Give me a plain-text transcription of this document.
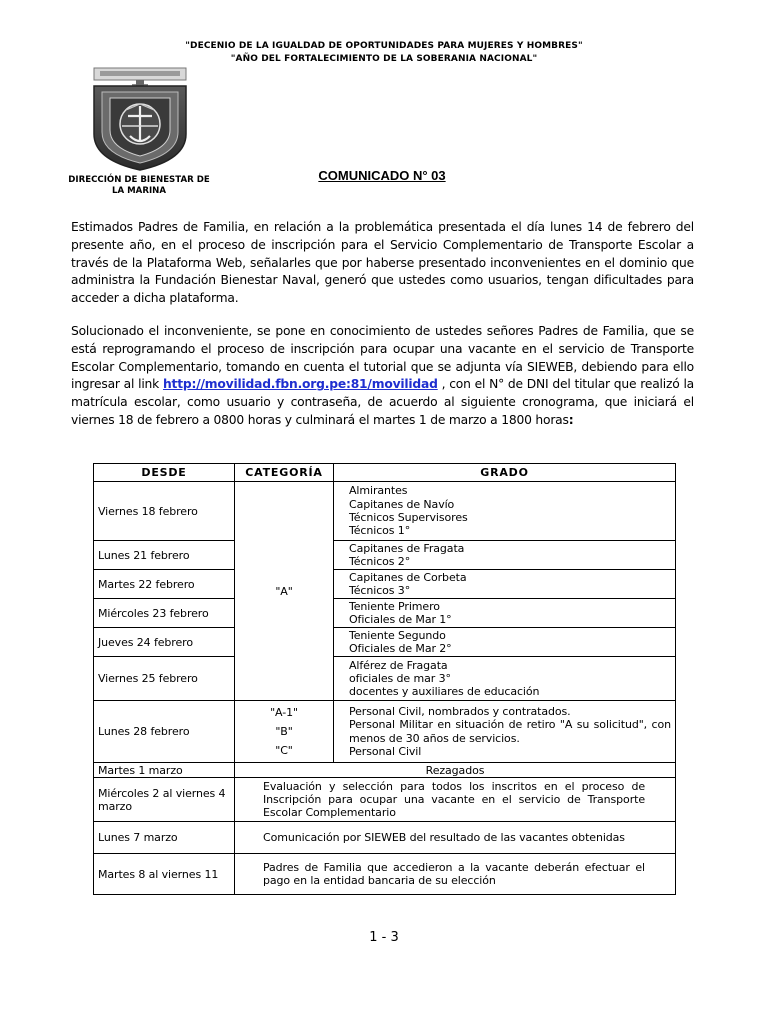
"DECENIO DE LA IGUALDAD DE OPORTUNIDADES PARA MUJERES Y HOMBRES"
"AÑO DEL FORTALECIMIENTO DE LA SOBERANIA NACIONAL"
DIRECCIÓN DE BIENESTAR DE
LA MARINA
COMUNICADO N° 03
Estimados Padres de Familia, en relación a la problemática presentada el día lunes 14 de febrero del presente año, en el proceso de inscripción para el Servicio Complementario de Transporte Escolar a través de la Plataforma Web, señalarles que por haberse presentado inconvenientes en el dominio que administra la Fundación Bienestar Naval, generó que ustedes como usuarios, tengan dificultades para acceder a dicha plataforma.
Solucionado el inconveniente, se pone en conocimiento de ustedes señores Padres de Familia, que se está reprogramando el proceso de inscripción para ocupar una vacante en el servicio de Transporte Escolar Complementario, tomando en cuenta el tutorial que se adjunta vía SIEWEB, debiendo para ello ingresar al link http://movilidad.fbn.org.pe:81/movilidad , con el N° de DNI del titular que realizó la matrícula escolar, como usuario y contraseña, de acuerdo al siguiente cronograma, que iniciará el viernes 18 de febrero a 0800 horas y culminará el martes 1 de marzo a 1800 horas:
DESDE	CATEGORÍA	GRADO
Viernes 18 febrero	"A"	Almirantes
Capitanes de Navío
Técnicos Supervisores
Técnicos 1°

Lunes 21 febrero		Capitanes de Fragata
Técnicos 2°

Martes 22 febrero		Capitanes de Corbeta
Técnicos 3°

Miércoles 23 febrero		Teniente Primero
Oficiales de Mar 1°

Jueves 24 febrero		Teniente Segundo
Oficiales de Mar 2°

Viernes 25 febrero		Alférez de Fragata
oficiales de mar 3°
docentes y auxiliares de educación

Lunes 28 febrero	"A-1"
"B"
"C"	Personal Civil, nombrados y contratados.
Personal Militar en situación de retiro "A su solicitud", con menos de 30 años de servicios.
Personal Civil

Martes 1 marzo	Rezagados	
Miércoles 2 al viernes 4 marzo	Evaluación y selección para todos los inscritos en el proceso de Inscripción para ocupar una vacante en el servicio de Transporte Escolar Complementario	
Lunes 7 marzo	Comunicación por SIEWEB del resultado de las vacantes obtenidas	
Martes 8 al viernes 11	Padres de Familia que accedieron a la vacante deberán efectuar el pago en la entidad bancaria de su elección	
1 - 3
